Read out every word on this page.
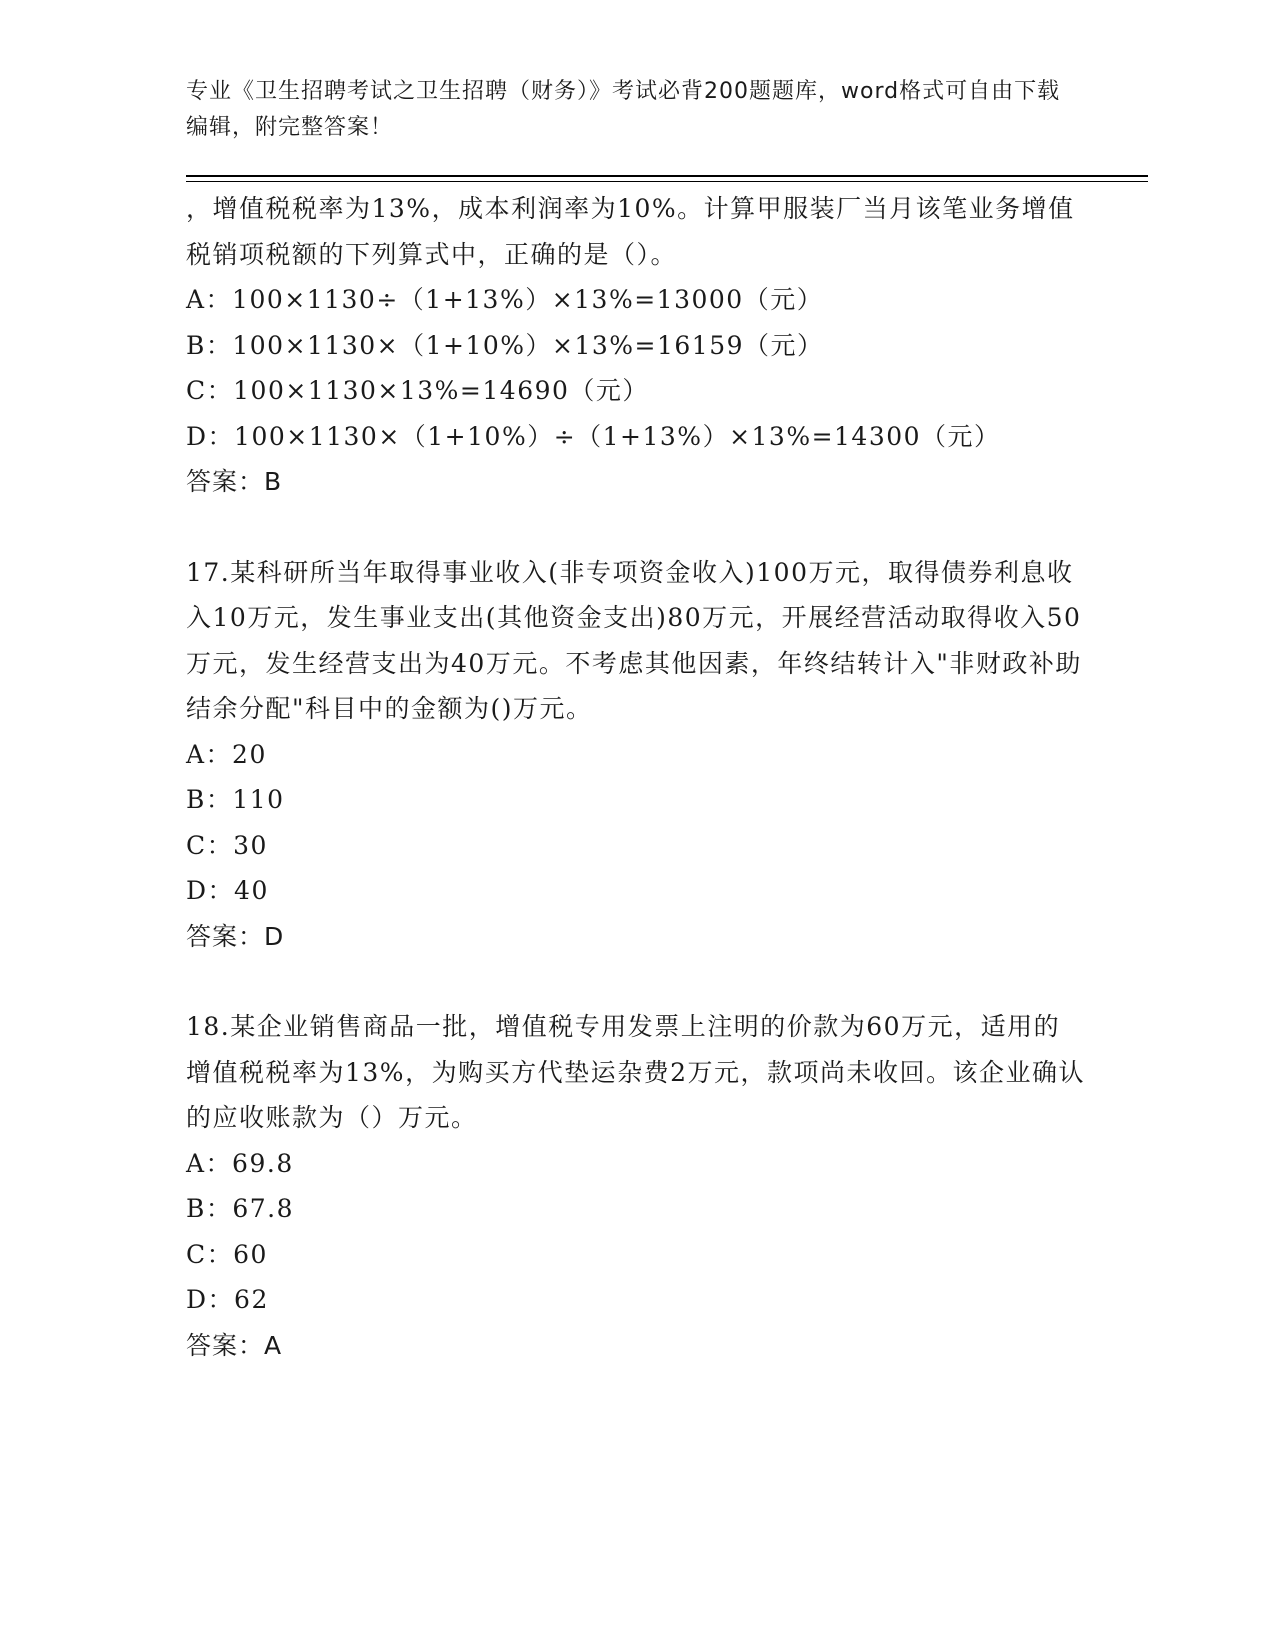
专业《卫生招聘考试之卫生招聘（财务）》考试必背200题题库，word格式可自由下载编辑，附完整答案！

，增值税税率为13%，成本利润率为10%。计算甲服装厂当月该笔业务增值税销项税额的下列算式中，正确的是（）。

A：100×1130÷（1+13%）×13%=13000（元）

B：100×1130×（1+10%）×13%=16159（元）

C：100×1130×13%=14690（元）

D：100×1130×（1+10%）÷（1+13%）×13%=14300（元）

答案：B

17.某科研所当年取得事业收入(非专项资金收入)100万元，取得债券利息收入10万元，发生事业支出(其他资金支出)80万元，开展经营活动取得收入50万元，发生经营支出为40万元。不考虑其他因素，年终结转计入"非财政补助结余分配"科目中的金额为()万元。

A：20

B：110

C：30

D：40

答案：D

18.某企业销售商品一批，增值税专用发票上注明的价款为60万元，适用的增值税税率为13%，为购买方代垫运杂费2万元，款项尚未收回。该企业确认的应收账款为（）万元。

A：69.8

B：67.8

C：60

D：62

答案：A
